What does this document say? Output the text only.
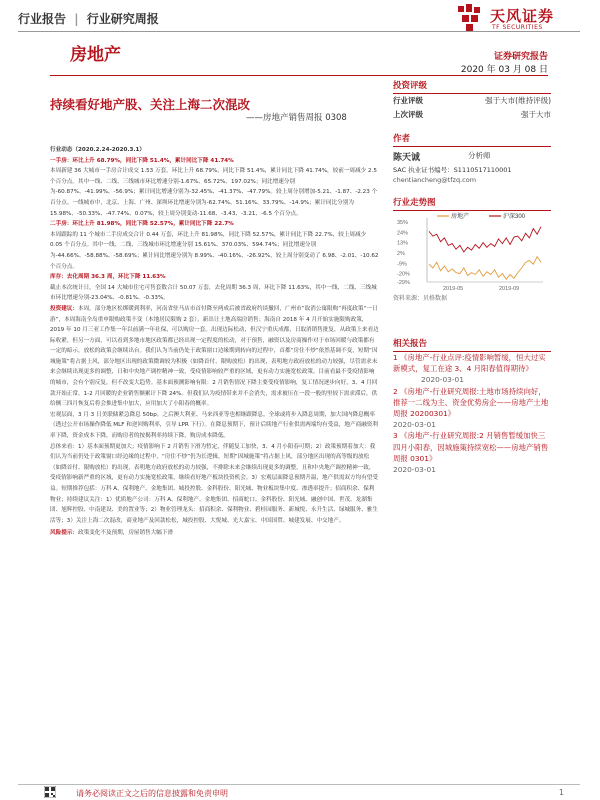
行业报告 | 行业研究周报	天风证券
TF SECURITIES
房地产	证券研究报告
2020 年 03 月 08 日
持续看好地产股、关注上海二次混改
——房地产销售周报 0308

行业动态（2020.2.24-2020.3.1）

一手房：环比上升 68.79%，同比下降 51.4%，累计同比下降 41.74%

本周新建 36 大城市一手房合计成交 1.53 万套，环比上升 68.79%，同比下降 51.4%，累计同比下降 41.74%，较前一周减少 2.5 个百分点。其中一线、二线、三线城市环比增速分别-1.67%、65.72%、197.02%；同比增速分别为-60.87%、-41.99%、-56.9%；累计同比增速分别为-32.45%、-41.37%、-47.79%。较上周分别增加-5.21、-1.87、-2.23 个百分点。一线城市中，北京、上海、广州、深圳环比增速分别为-62.74%、51.16%、33.79%、-14.9%；累计同比分别为 15.98%、-50.33%、-47.74%、0.07%，较上周分别变动-11.68、-3.43、-3.21、-6.5 个百分点。

二手房：环比上升 81.98%，同比下降 52.57%，累计同比下降 22.7%

本周跟踪的 11 个城市二手房成交合计 0.44 万套，环比上升 81.98%，同比下降 52.57%，累计同比下降 22.7%，较上周减少 0.05 个百分点。其中一线、二线、三线城市环比增速分别 15.61%、370.03%、594.74%；同比增速分别为-44.66%、-58.88%、-58.69%；累计同比增速分别为 8.99%、-40.16%、-26.92%，较上周分别变动了 6.98、-2.01、-10.62 个百分点。

库存：去化周期 36.3 周，环比下降 11.63%

截止本次统计日，全国 14 大城市住宅可售套数合计 50.07 万套，去化周期 36.3 周，环比下降 11.63%，其中一线、二线、三线城市环比增速分别-23.04%、-0.81%、-0.33%。

投资建议：本周，部分地区松绑暖到利率，河南省驻马店市首付降至两成后被省政府约谈撤回，广州市“取消公寓限购”再度政策“一日游”，本周海南全岛重申限购政策不变（本地居民限购 2 套）。新出让土地高端房销售；海南自 2018 年 4 月开始实施限购政策，2019 年 10 月三亚工作集一年以前满一年社保，可以购房一套。出现边际松动，但汉宁重庆成都，日取消销售批复，从政策上来看边际收紧。但另一方面，可以看到多地市地区政策都已经出现一定程度的松动，对于预售，融资以及房商操作对于市场回暖与政策都有一定的暗示，放松的政策会继续出台。我们认为当前仍处于政策窗口边缘期到转向的过程中，首都“房住不炒”依然基调不变，短期“因城施策”将占据上风，部分地区出现的政策微调较为积极（如降首付、限购放松）的出现，表明地方政府放松的动力较强，尽管需求未来会继续出现更多的调整，日和中央地产调控精神一致，受疫情影响较严重的区域，更有动力实施宽松政策。目前看最不受疫情影响的城市，会有个别反复，但不改变大趋势。基本面预测影响有限：2 月销售情况下降主要受疫情影响，复工情况逐步向好，3、4 月回款开始正常，1-2 月回暖的企业销售额累计下降 24%。但我们认为疫情带来并不会消失，需求被压在一段一般的里较下需求滞后，供给侧三四月恢复后将会推进集中加大，应用加大了小阳春的概率。

宏观层面，3 月 3 日美联储紧急降息 50bp。之后澳大利亚、马来西亚等也相继跟降息。全球或将步入降息周期，加大国内降息概率（透过公开市场操作降低 MLF 和逆回购利率，引导 LPR 下行）。在降息预期下，预计后续地产行业供需两端均有受益，地产商融资利率下降，资金成本下降，而购房者的按揭利率持续下降，购房成本降低。

总体来看：1）基本面预期更加大；疫情影响下 2 月销售下滑为暂定，伴随复工加快，3、4 月小阳春可期；2）政策预期着加大：我们认为当前仍处于政策窗口经边缘的过程中，“房住不炒”仍为长逻辑，短期“因城施策”将占据上风，部分地区出现的高等级的放松（如降首付、限购放松）的出现，表明地方政府放松的动力较强，不排除未来会继续出现更多的调整，且和中央地产调控精神一致，受疫情影响新严重的区域，更有动力实施宽松政策，继续看好地产板块投资机会。3）宏观层面降息预期升温，地产供需双方均有望受益。短期推荐包括：万科 A、保利地产、金地集团、城投控股、金科股份、阳光城、物业板块集中度、渗透率提升；招商积余、保利物业；持续建议关注：1）优质地产公司：万科 A、保利地产、金地集团、招商蛇口、金科股份、阳光城、融创中国、世茂、龙湖集团、旭辉控股、中南建设、美的置业等；2）物业管理龙头：招商积余、保利物业、碧桂园服务、新城悦、永升生活、绿城服务、雅生活等；3）关注上海二次混改，商业地产及回款松松，城投控股、大悦城、光大嘉宝、中国国贸、城建发展、中交地产。

风险提示：政策变化不及预期，房屋销售大幅下滑

投资评级
行业评级	强于大市(维持评级)
上次评级	强于大市
作者
陈天诚	分析师
SAC 执业证书编号：S1110517110001
chentiancheng@tfzq.com
行业走势图
35%
24%
13%
2%
-9%
-20%
-29%
房地产	沪深300
2019-05	2019-09
资料来源：贝格数据
相关报告

1 《房地产-行业点评:疫情影响暂缓，恒大过实新模式，复工在途 3、4 月阳春值得期待》

2020-03-01

2 《房地产-行业研究周报:土地市场持续向好，推荐一二线为主、资金优势房企——房地产土地周报 20200301》

2020-03-01

3 《房地产-行业研究周报:2 月销售暂缓加快三四月小阳春，因城施策持续宽松——房地产销售周报 0301》

2020-03-01

请务必阅读正文之后的信息披露和免责申明	1
